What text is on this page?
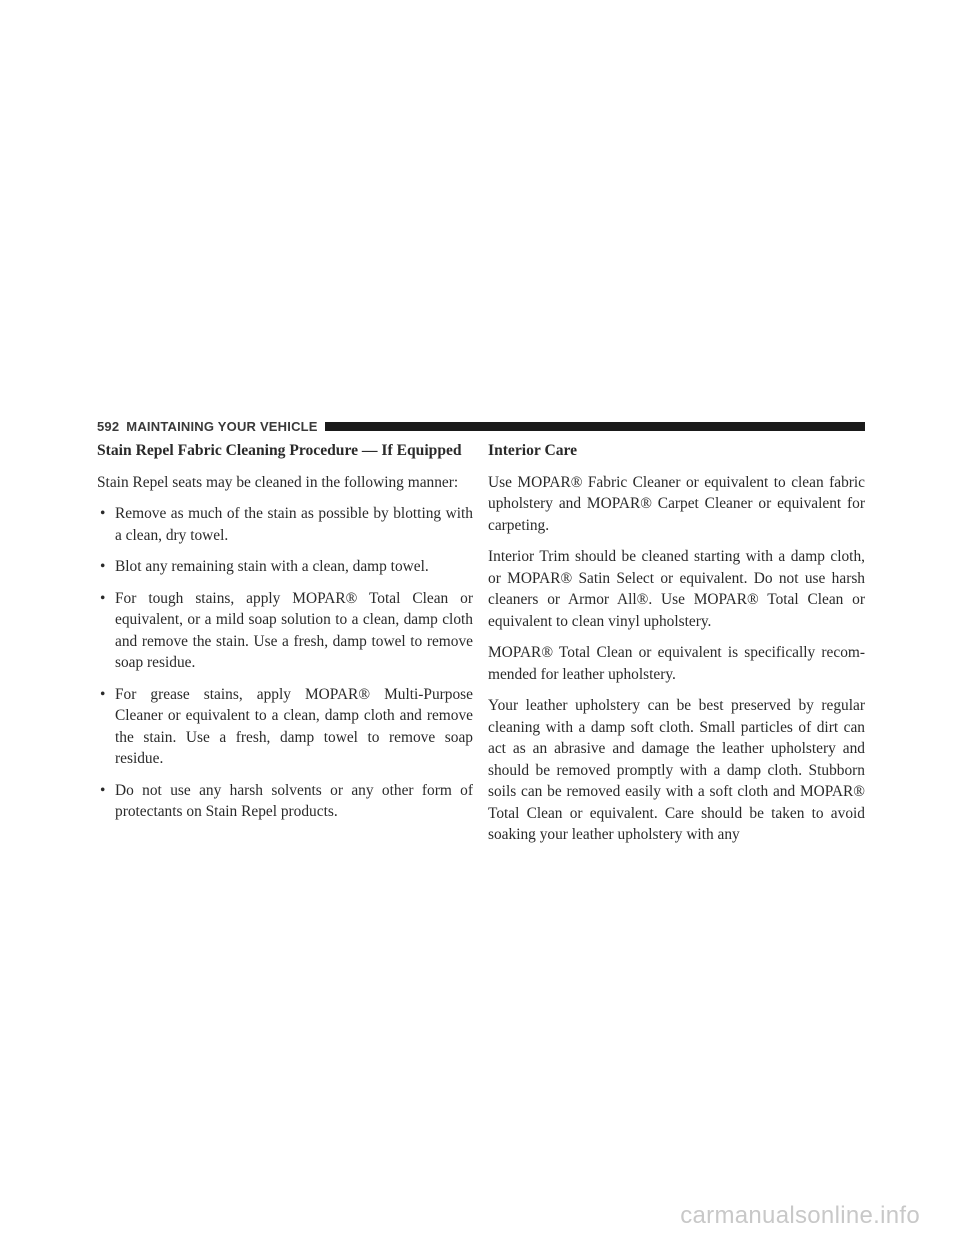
592 MAINTAINING YOUR VEHICLE
Stain Repel Fabric Cleaning Procedure — If Equipped

Stain Repel seats may be cleaned in the following manner:

• Remove as much of the stain as possible by blotting with a clean, dry towel.
• Blot any remaining stain with a clean, damp towel.
• For tough stains, apply MOPAR® Total Clean or equivalent, or a mild soap solution to a clean, damp cloth and remove the stain. Use a fresh, damp towel to remove soap residue.
• For grease stains, apply MOPAR® Multi-Purpose Cleaner or equivalent to a clean, damp cloth and remove the stain. Use a fresh, damp towel to remove soap residue.
• Do not use any harsh solvents or any other form of protectants on Stain Repel products.
Interior Care

Use MOPAR® Fabric Cleaner or equivalent to clean fabric upholstery and MOPAR® Carpet Cleaner or equivalent for carpeting.

Interior Trim should be cleaned starting with a damp cloth, or MOPAR® Satin Select or equivalent. Do not use harsh cleaners or Armor All®. Use MOPAR® Total Clean or equivalent to clean vinyl upholstery.

MOPAR® Total Clean or equivalent is specifically recom-mended for leather upholstery.

Your leather upholstery can be best preserved by regular cleaning with a damp soft cloth. Small particles of dirt can act as an abrasive and damage the leather upholstery and should be removed promptly with a damp cloth. Stubborn soils can be removed easily with a soft cloth and MOPAR® Total Clean or equivalent. Care should be taken to avoid soaking your leather upholstery with any

carmanualsonline.info
